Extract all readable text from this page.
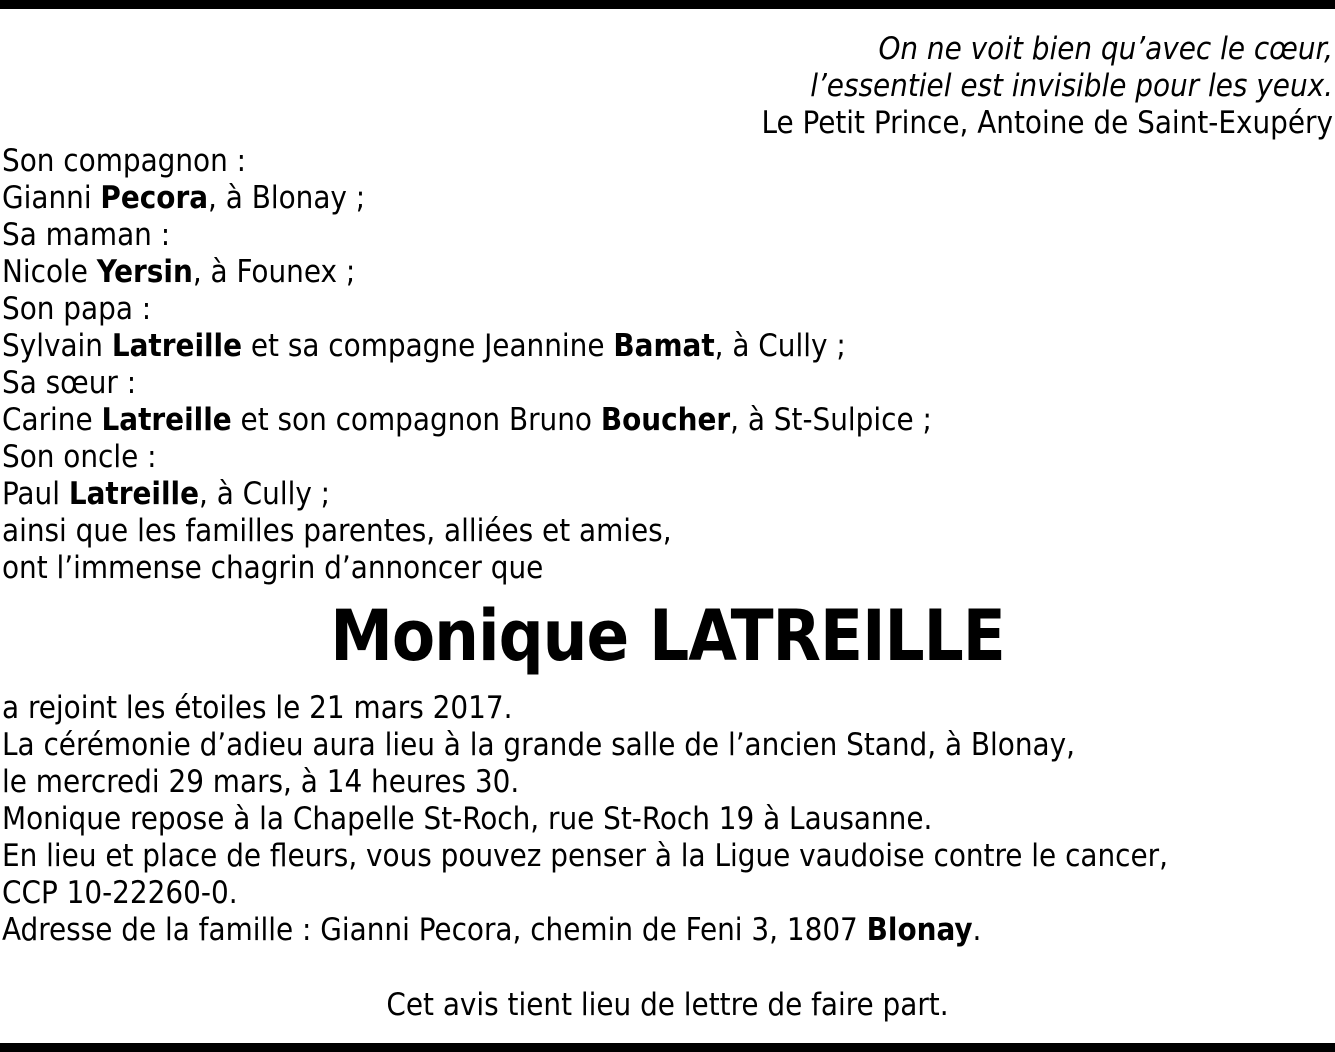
On ne voit bien qu’avec le cœur,
l’essentiel est invisible pour les yeux.
Le Petit Prince, Antoine de Saint-Exupéry
Son compagnon :
Gianni Pecora, à Blonay ;
Sa maman :
Nicole Yersin, à Founex ;
Son papa :
Sylvain Latreille et sa compagne Jeannine Bamat, à Cully ;
Sa sœur :
Carine Latreille et son compagnon Bruno Boucher, à St-Sulpice ;
Son oncle :
Paul Latreille, à Cully ;
ainsi que les familles parentes, alliées et amies,
ont l’immense chagrin d’annoncer que
Monique LATREILLE
a rejoint les étoiles le 21 mars 2017.
La cérémonie d’adieu aura lieu à la grande salle de l’ancien Stand, à Blonay,
le mercredi 29 mars, à 14 heures 30.
Monique repose à la Chapelle St-Roch, rue St-Roch 19 à Lausanne.
En lieu et place de fleurs, vous pouvez penser à la Ligue vaudoise contre le cancer,
CCP 10-22260-0.
Adresse de la famille : Gianni Pecora, chemin de Feni 3, 1807 Blonay.
Cet avis tient lieu de lettre de faire part.
